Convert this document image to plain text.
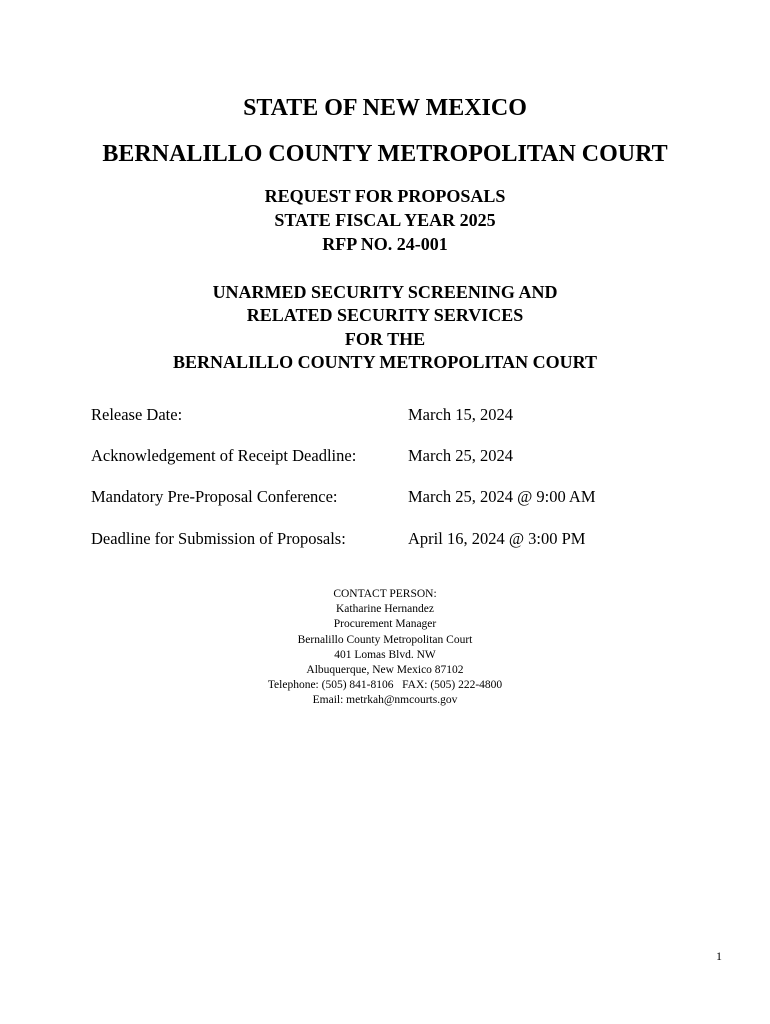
STATE OF NEW MEXICO
BERNALILLO COUNTY METROPOLITAN COURT
REQUEST FOR PROPOSALS
STATE FISCAL YEAR 2025
RFP NO. 24-001
UNARMED SECURITY SCREENING AND
RELATED SECURITY SERVICES
FOR THE
BERNALILLO COUNTY METROPOLITAN COURT
Release Date:	March 15, 2024
Acknowledgement of Receipt Deadline:	March 25, 2024
Mandatory Pre-Proposal Conference:	March 25, 2024 @ 9:00 AM
Deadline for Submission of Proposals:	April 16, 2024 @ 3:00 PM
CONTACT PERSON:
Katharine Hernandez
Procurement Manager
Bernalillo County Metropolitan Court
401 Lomas Blvd. NW
Albuquerque, New Mexico 87102
Telephone: (505) 841-8106   FAX: (505) 222-4800
Email: metrkah@nmcourts.gov
1
